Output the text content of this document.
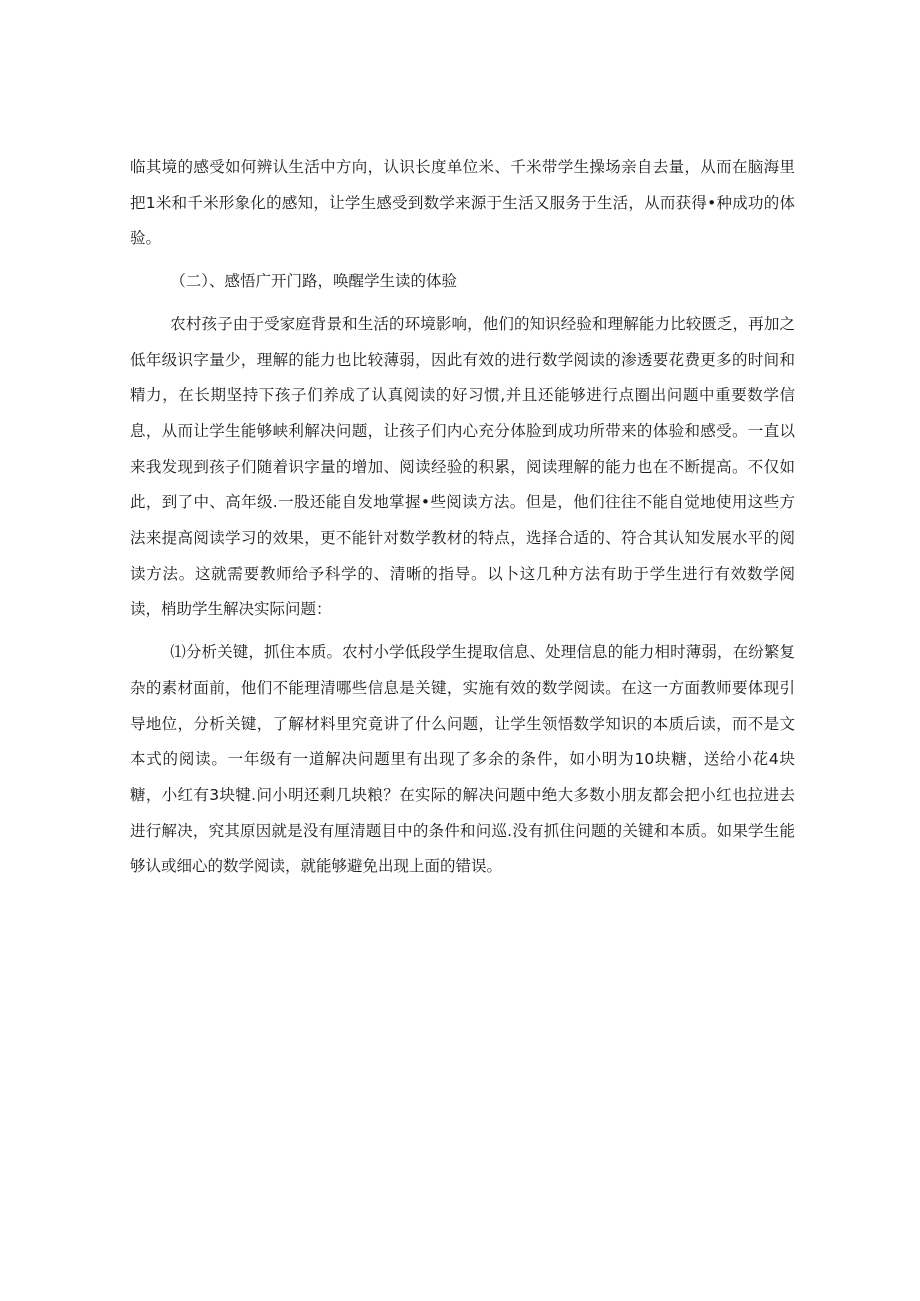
临其境的感受如何辨认生活中方向，认识长度单位米、千米带学生操场亲自去量，从而在脑海里把1米和千米形象化的感知，让学生感受到数学来源于生活又服务于生活，从而获得•种成功的体验。

（二）、感悟广开门路，唤醒学生读的体验

农村孩子由于受家庭背景和生活的环境影响，他们的知识经验和理解能力比较匮乏，再加之低年级识字量少，理解的能力也比较薄弱，因此有效的进行数学阅读的渗透要花费更多的时间和精力，在长期坚持下孩子们养成了认真阅读的好习惯,并且还能够进行点圈出问题中重要数学信息，从而让学生能够峡利解决问题，让孩子们内心充分体脸到成功所带来的体验和感受。一直以来我发现到孩子们随着识字量的增加、阅读经验的积累，阅读理解的能力也在不断提高。不仅如此，到了中、高年级.一股还能自发地掌握•些阅读方法。但是，他们往往不能自觉地使用这些方法来提高阅读学习的效果，更不能针对数学教材的特点，选择合适的、符合其认知发展水平的阅读方法。这就需要教师给予科学的、清晰的指导。以卜这几种方法有助于学生进行有效数学阅读，梢助学生解决实际问题：

⑴分析关键，抓住本质。农村小学低段学生提取信息、处理信息的能力相时薄弱，在纷繁复杂的素材面前，他们不能理清哪些信息是关键，实施有效的数学阅读。在这一方面教师要体现引导地位，分析关键，了解材料里究竟讲了什么问题，让学生领悟数学知识的本质后读，而不是文本式的阅读。一年级有一道解决问题里有出现了多余的条件，如小明为10块糖，送给小花4块糖，小红有3块犍.问小明还剩几块粮？在实际的解决问题中绝大多数小朋友都会把小红也拉进去进行解决，究其原因就是没有厘清题目中的条件和问巡.没有抓住问题的关键和本质。如果学生能够认或细心的数学阅读，就能够避免出现上面的错误。
